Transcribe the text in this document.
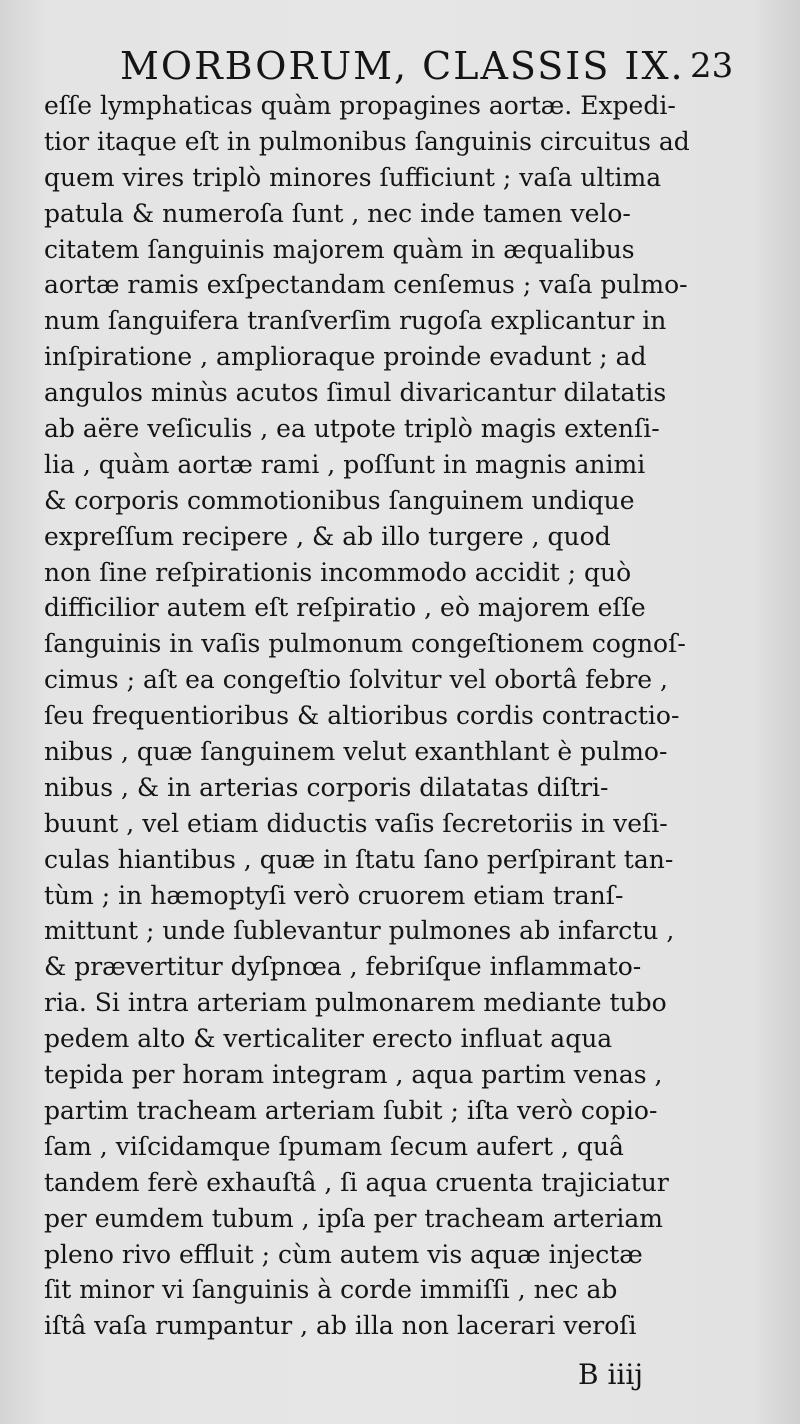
MORBORUM, CLASSIS IX. 23
eſſe lymphaticas quàm propagines aortæ. Expedi-
tior itaque eſt in pulmonibus ſanguinis circuitus ad
quem vires triplò minores ſufficiunt ; vaſa ultima
patula & numeroſa ſunt , nec inde tamen velo-
citatem ſanguinis majorem quàm in æqualibus
aortæ ramis exſpectandam cenſemus ; vaſa pulmo-
num ſanguifera tranſverſim rugoſa explicantur in
inſpiratione , amplioraque proinde evadunt ; ad
angulos minùs acutos ſimul divaricantur dilatatis
ab aëre veſiculis , ea utpote triplò magis extenſi-
lia , quàm aortæ rami , poſſunt in magnis animi
& corporis commotionibus ſanguinem undique
expreſſum recipere , & ab illo turgere , quod
non ſine reſpirationis incommodo accidit ; quò
difficilior autem eſt reſpiratio , eò majorem eſſe
ſanguinis in vaſis pulmonum congeſtionem cognoſ-
cimus ; aſt ea congeſtio ſolvitur vel obortâ febre ,
ſeu frequentioribus & altioribus cordis contractio-
nibus , quæ ſanguinem velut exanthlant è pulmo-
nibus , & in arterias corporis dilatatas diſtri-
buunt , vel etiam diductis vaſis ſecretoriis in veſi-
culas hiantibus , quæ in ſtatu ſano perſpirant tan-
tùm ; in hæmoptyſi verò cruorem etiam tranſ-
mittunt ; unde ſublevantur pulmones ab infarctu ,
& prævertitur dyſpnœa , febriſque inflammato-
ria. Si intra arteriam pulmonarem mediante tubo
pedem alto & verticaliter erecto influat aqua
tepida per horam integram , aqua partim venas ,
partim tracheam arteriam ſubit ; iſta verò copio-
ſam , viſcidamque ſpumam ſecum aufert , quâ
tandem ferè exhauſtâ , ſi aqua cruenta trajiciatur
per eumdem tubum , ipſa per tracheam arteriam
pleno rivo effluit ; cùm autem vis aquæ injectæ
ſit minor vi ſanguinis à corde immiſſi , nec ab
iſtâ vaſa rumpantur , ab illa non lacerari veroſi
B iiij
